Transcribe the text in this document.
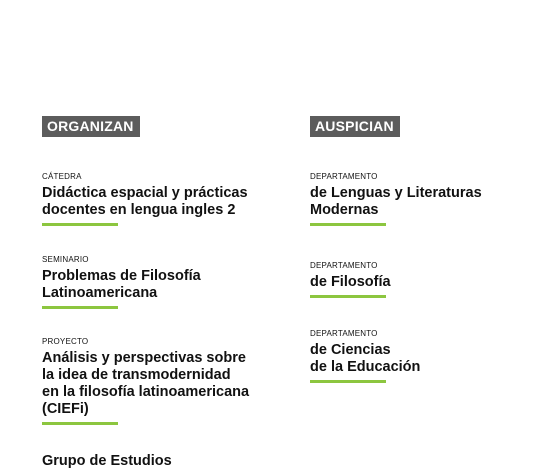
ORGANIZAN
CÁTEDRA
Didáctica espacial y prácticas
docentes en lengua ingles 2
SEMINARIO
Problemas de Filosofía
Latinoamericana
PROYECTO
Análisis y perspectivas sobre
la idea de transmodernidad
en la filosofía latinoamericana
(CIEFi)
Grupo de Estudios
AUSPICIAN
DEPARTAMENTO
de Lenguas y Literaturas
Modernas
DEPARTAMENTO
de Filosofía
DEPARTAMENTO
de Ciencias
de la Educación
